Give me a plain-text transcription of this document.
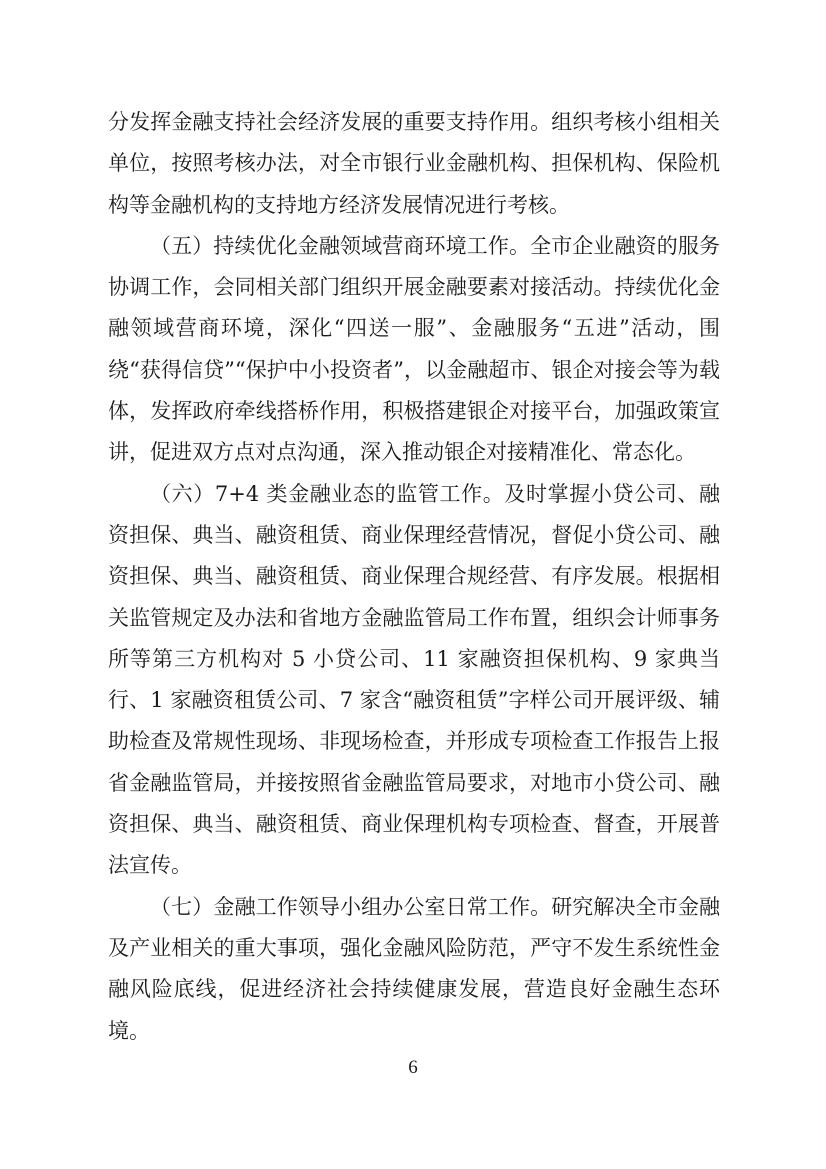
分发挥金融支持社会经济发展的重要支持作用。组织考核小组相关单位，按照考核办法，对全市银行业金融机构、担保机构、保险机构等金融机构的支持地方经济发展情况进行考核。

（五）持续优化金融领域营商环境工作。全市企业融资的服务协调工作，会同相关部门组织开展金融要素对接活动。持续优化金融领域营商环境，深化“四送一服”、金融服务“五进”活动，围绕“获得信贷”“保护中小投资者”，以金融超市、银企对接会等为载体，发挥政府牵线搭桥作用，积极搭建银企对接平台，加强政策宣讲，促进双方点对点沟通，深入推动银企对接精准化、常态化。

（六）7+4 类金融业态的监管工作。及时掌握小贷公司、融资担保、典当、融资租赁、商业保理经营情况，督促小贷公司、融资担保、典当、融资租赁、商业保理合规经营、有序发展。根据相关监管规定及办法和省地方金融监管局工作布置，组织会计师事务所等第三方机构对 5 小贷公司、11 家融资担保机构、9 家典当行、1 家融资租赁公司、7 家含“融资租赁”字样公司开展评级、辅助检查及常规性现场、非现场检查，并形成专项检查工作报告上报省金融监管局，并接按照省金融监管局要求，对地市小贷公司、融资担保、典当、融资租赁、商业保理机构专项检查、督查，开展普法宣传。

（七）金融工作领导小组办公室日常工作。研究解决全市金融及产业相关的重大事项，强化金融风险防范，严守不发生系统性金融风险底线，促进经济社会持续健康发展，营造良好金融生态环境。

6
